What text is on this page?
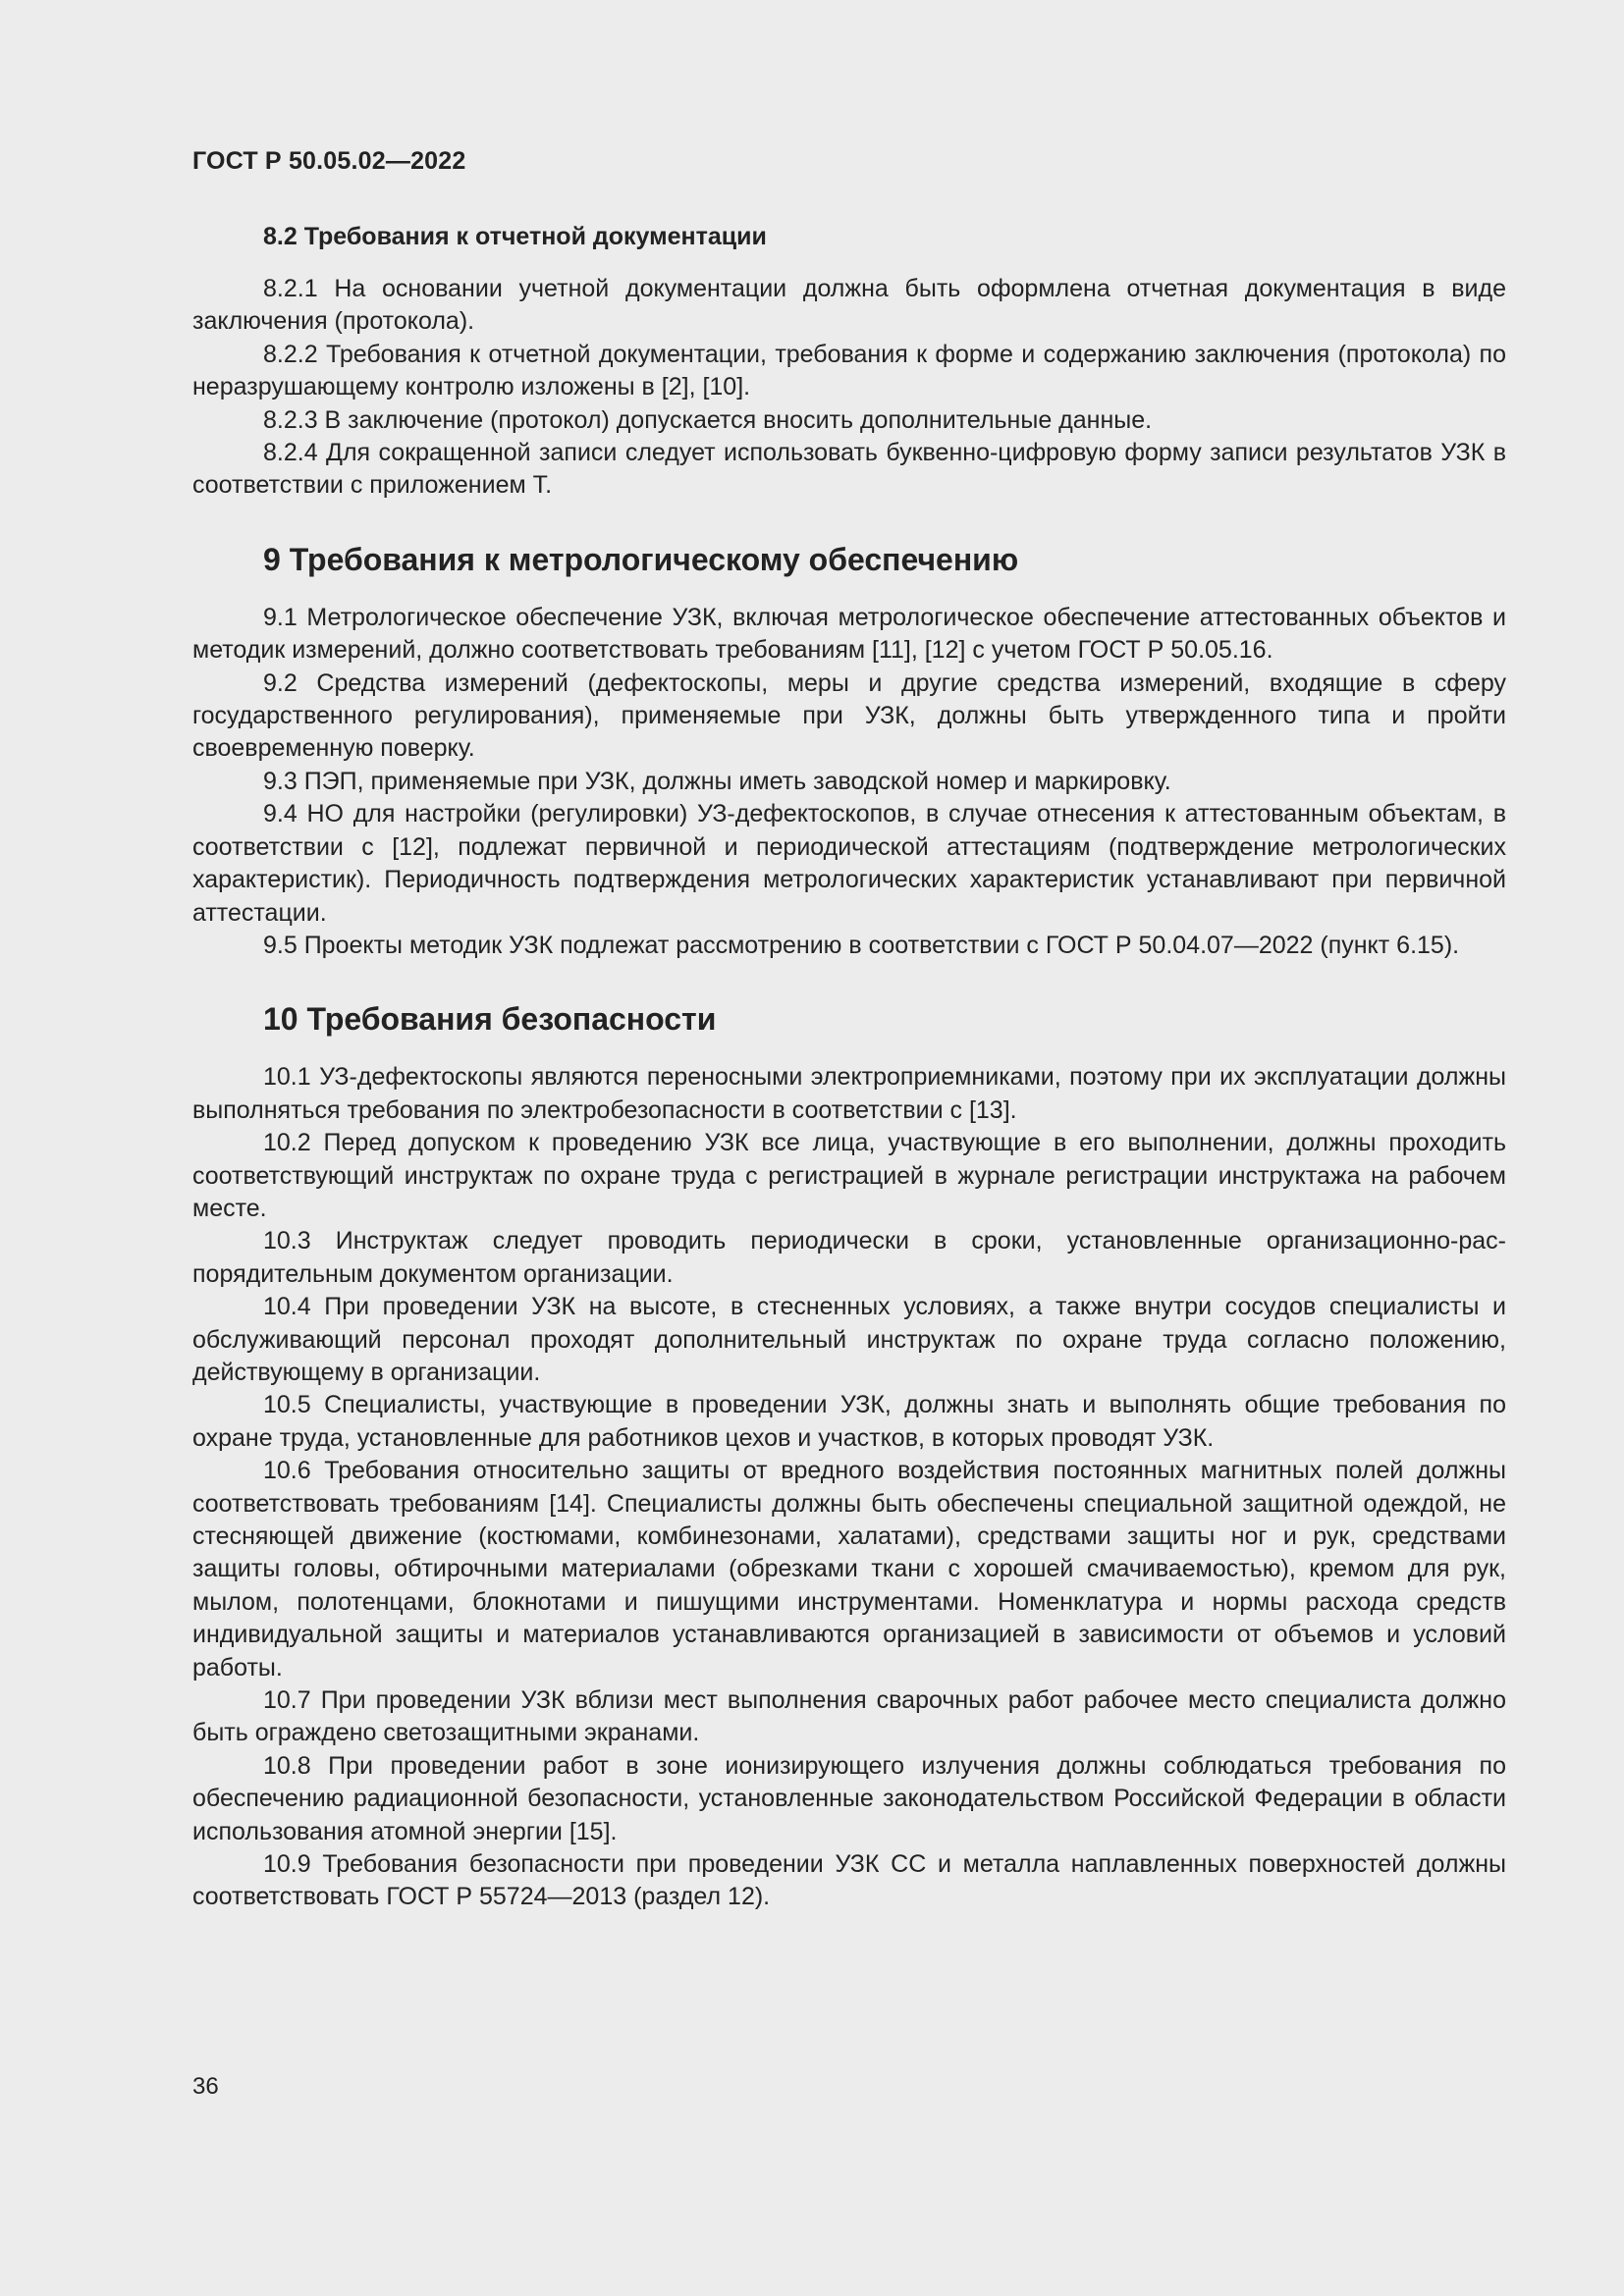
ГОСТ Р 50.05.02—2022
8.2 Требования к отчетной документации

8.2.1 На основании учетной документации должна быть оформлена отчетная документация в виде заключения (протокола).

8.2.2 Требования к отчетной документации, требования к форме и содержанию заключения (протокола) по неразрушающему контролю изложены в [2], [10].

8.2.3 В заключение (протокол) допускается вносить дополнительные данные.

8.2.4 Для сокращенной записи следует использовать буквенно-цифровую форму записи результатов УЗК в соответствии с приложением Т.

9 Требования к метрологическому обеспечению

9.1 Метрологическое обеспечение УЗК, включая метрологическое обеспечение аттестованных объектов и методик измерений, должно соответствовать требованиям [11], [12] с учетом ГОСТ Р 50.05.16.

9.2 Средства измерений (дефектоскопы, меры и другие средства измерений, входящие в сферу государственного регулирования), применяемые при УЗК, должны быть утвержденного типа и пройти своевременную поверку.

9.3 ПЭП, применяемые при УЗК, должны иметь заводской номер и маркировку.

9.4 НО для настройки (регулировки) УЗ-дефектоскопов, в случае отнесения к аттестованным объектам, в соответствии с [12], подлежат первичной и периодической аттестациям (подтверждение метрологических характеристик). Периодичность подтверждения метрологических характеристик устанавливают при первичной аттестации.

9.5 Проекты методик УЗК подлежат рассмотрению в соответствии с ГОСТ Р 50.04.07—2022 (пункт 6.15).

10 Требования безопасности

10.1 УЗ-дефектоскопы являются переносными электроприемниками, поэтому при их эксплуатации должны выполняться требования по электробезопасности в соответствии с [13].

10.2 Перед допуском к проведению УЗК все лица, участвующие в его выполнении, должны проходить соответствующий инструктаж по охране труда с регистрацией в журнале регистрации инструктажа на рабочем месте.

10.3 Инструктаж следует проводить периодически в сроки, установленные организационно-распорядительным документом организации.

10.4 При проведении УЗК на высоте, в стесненных условиях, а также внутри сосудов специалисты и обслуживающий персонал проходят дополнительный инструктаж по охране труда согласно положению, действующему в организации.

10.5 Специалисты, участвующие в проведении УЗК, должны знать и выполнять общие требования по охране труда, установленные для работников цехов и участков, в которых проводят УЗК.

10.6 Требования относительно защиты от вредного воздействия постоянных магнитных полей должны соответствовать требованиям [14]. Специалисты должны быть обеспечены специальной защитной одеждой, не стесняющей движение (костюмами, комбинезонами, халатами), средствами защиты ног и рук, средствами защиты головы, обтирочными материалами (обрезками ткани с хорошей смачиваемостью), кремом для рук, мылом, полотенцами, блокнотами и пишущими инструментами. Номенклатура и нормы расхода средств индивидуальной защиты и материалов устанавливаются организацией в зависимости от объемов и условий работы.

10.7 При проведении УЗК вблизи мест выполнения сварочных работ рабочее место специалиста должно быть ограждено светозащитными экранами.

10.8 При проведении работ в зоне ионизирующего излучения должны соблюдаться требования по обеспечению радиационной безопасности, установленные законодательством Российской Федерации в области использования атомной энергии [15].

10.9 Требования безопасности при проведении УЗК СС и металла наплавленных поверхностей должны соответствовать ГОСТ Р 55724—2013 (раздел 12).

36
